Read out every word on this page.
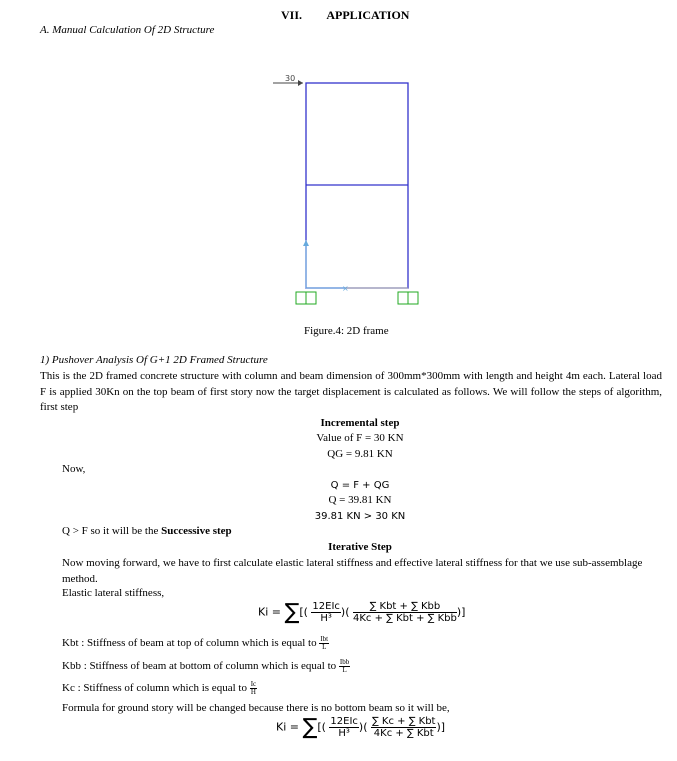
VII. APPLICATION
A. Manual Calculation Of 2D Structure
30
×
Figure.4: 2D frame
1) Pushover Analysis Of G+1 2D Framed Structure
This is the 2D framed concrete structure with column and beam dimension of 300mm*300mm with length and height 4m each. Lateral load F is applied 30Kn on the top beam of first story now the target displacement is calculated as follows. We will follow the steps of algorithm, first step
Incremental step
Value of F = 30 KN
QG = 9.81 KN
Now,
Q = F + QG
Q = 39.81 KN
39.81 KN > 30 KN
Q > F so it will be the Successive step
Iterative Step
Now moving forward, we have to first calculate elastic lateral stiffness and effective lateral stiffness for that we use sub-assemblage method.
Elastic lateral stiffness,
Ki = ∑[( 12EIc
H³ )(	∑ Kbt + ∑ Kbb
4Kc + ∑ Kbt + ∑ Kbb )]
Kbt : Stiffness of beam at top of column which is equal to $\frac{\text{Ibt}}{L}$
Kbb : Stiffness of beam at bottom of column which is equal to $\frac{\text{Ibb}}{L}$
Kc : Stiffness of column which is equal to $\frac{Ic}{H}$
Formula for ground story will be changed because there is no bottom beam so it will be,
Ki = ∑[( 12EIc
H³ )( ∑ Kc + ∑ Kbt
4Kc + ∑ Kbt )]
